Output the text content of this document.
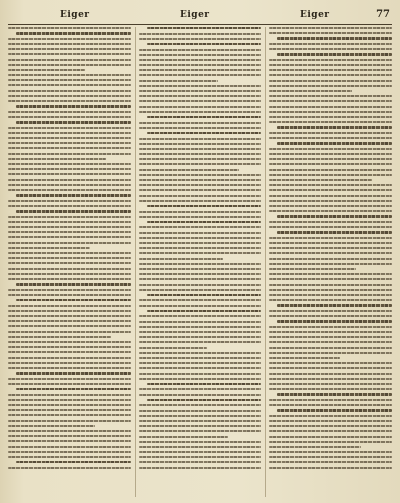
Eiger	Eiger	Eiger	77
